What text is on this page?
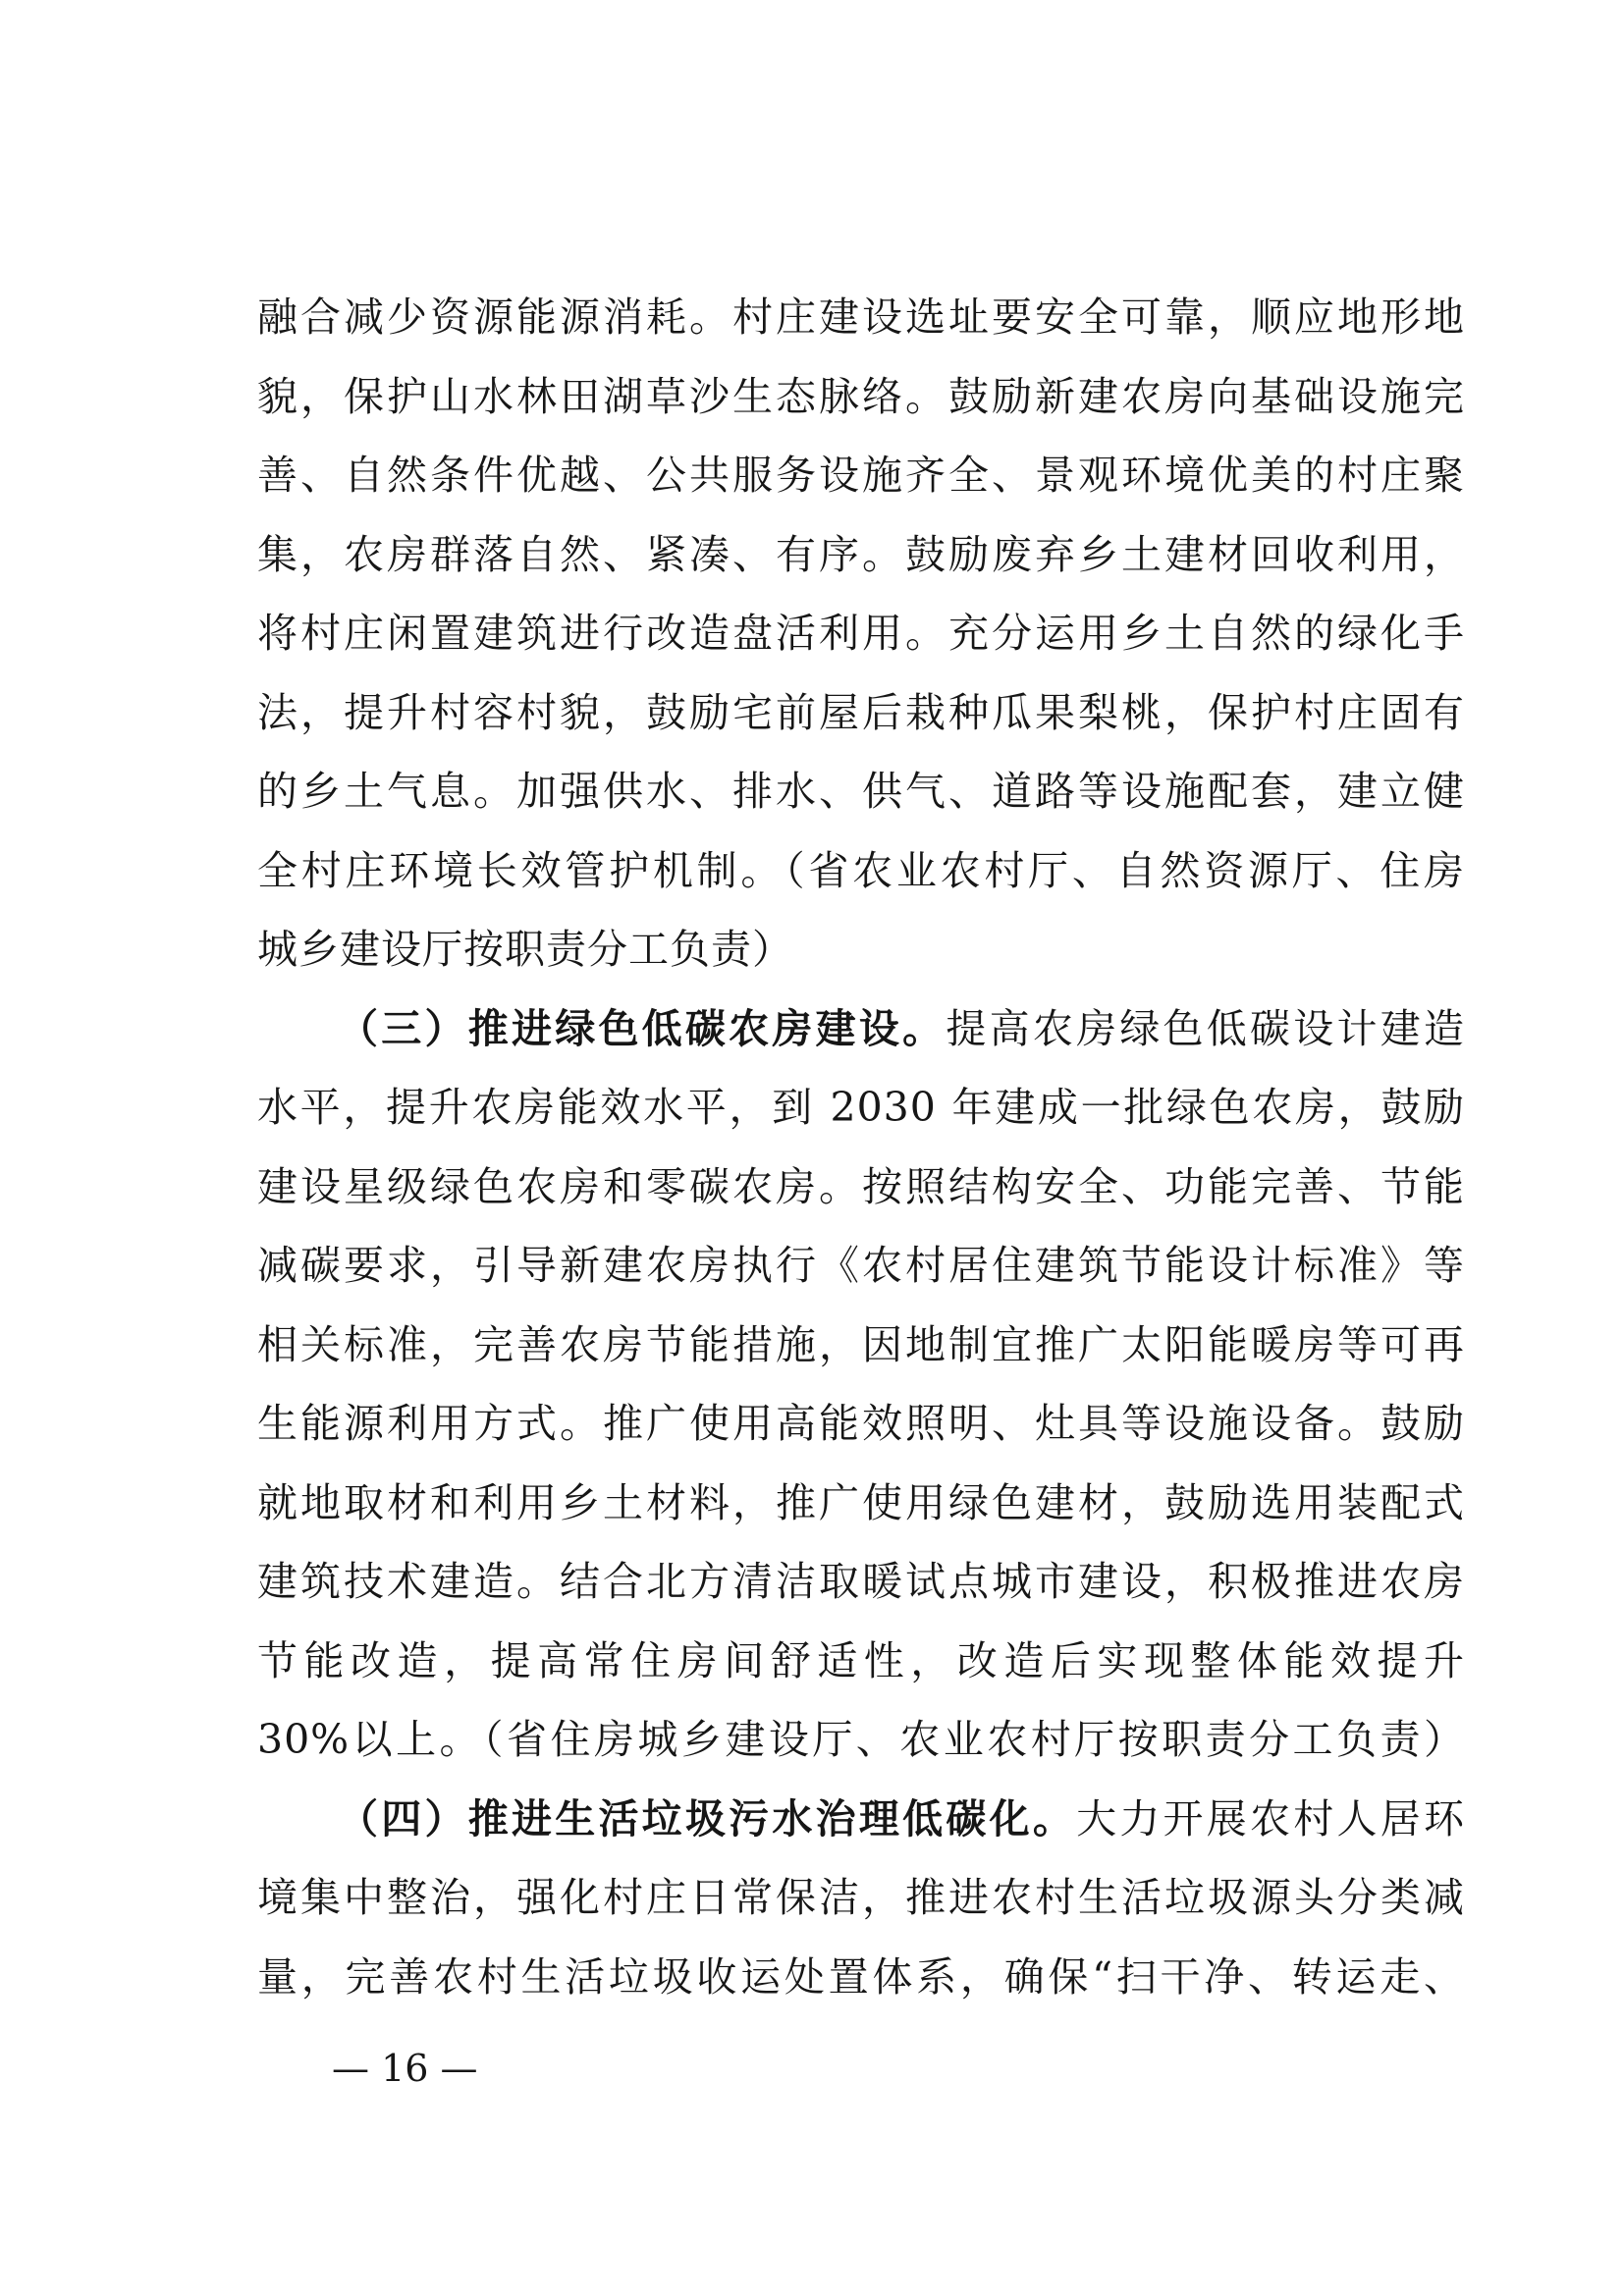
融合减少资源能源消耗。村庄建设选址要安全可靠，顺应地形地
貌，保护山水林田湖草沙生态脉络。鼓励新建农房向基础设施完
善、自然条件优越、公共服务设施齐全、景观环境优美的村庄聚
集，农房群落自然、紧凑、有序。鼓励废弃乡土建材回收利用，
将村庄闲置建筑进行改造盘活利用。充分运用乡土自然的绿化手
法，提升村容村貌，鼓励宅前屋后栽种瓜果梨桃，保护村庄固有
的乡土气息。加强供水、排水、供气、道路等设施配套，建立健
全村庄环境长效管护机制。（省农业农村厅、自然资源厅、住房
城乡建设厅按职责分工负责）
（三）推进绿色低碳农房建设。提高农房绿色低碳设计建造
水平，提升农房能效水平，到 2030 年建成一批绿色农房，鼓励
建设星级绿色农房和零碳农房。按照结构安全、功能完善、节能
减碳要求，引导新建农房执行《农村居住建筑节能设计标准》等
相关标准，完善农房节能措施，因地制宜推广太阳能暖房等可再
生能源利用方式。推广使用高能效照明、灶具等设施设备。鼓励
就地取材和利用乡土材料，推广使用绿色建材，鼓励选用装配式
建筑技术建造。结合北方清洁取暖试点城市建设，积极推进农房
节能改造，提高常住房间舒适性，改造后实现整体能效提升
30%以上。（省住房城乡建设厅、农业农村厅按职责分工负责）
（四）推进生活垃圾污水治理低碳化。大力开展农村人居环
境集中整治，强化村庄日常保洁，推进农村生活垃圾源头分类减
量，完善农村生活垃圾收运处置体系，确保“扫干净、转运走、
— 16 —
